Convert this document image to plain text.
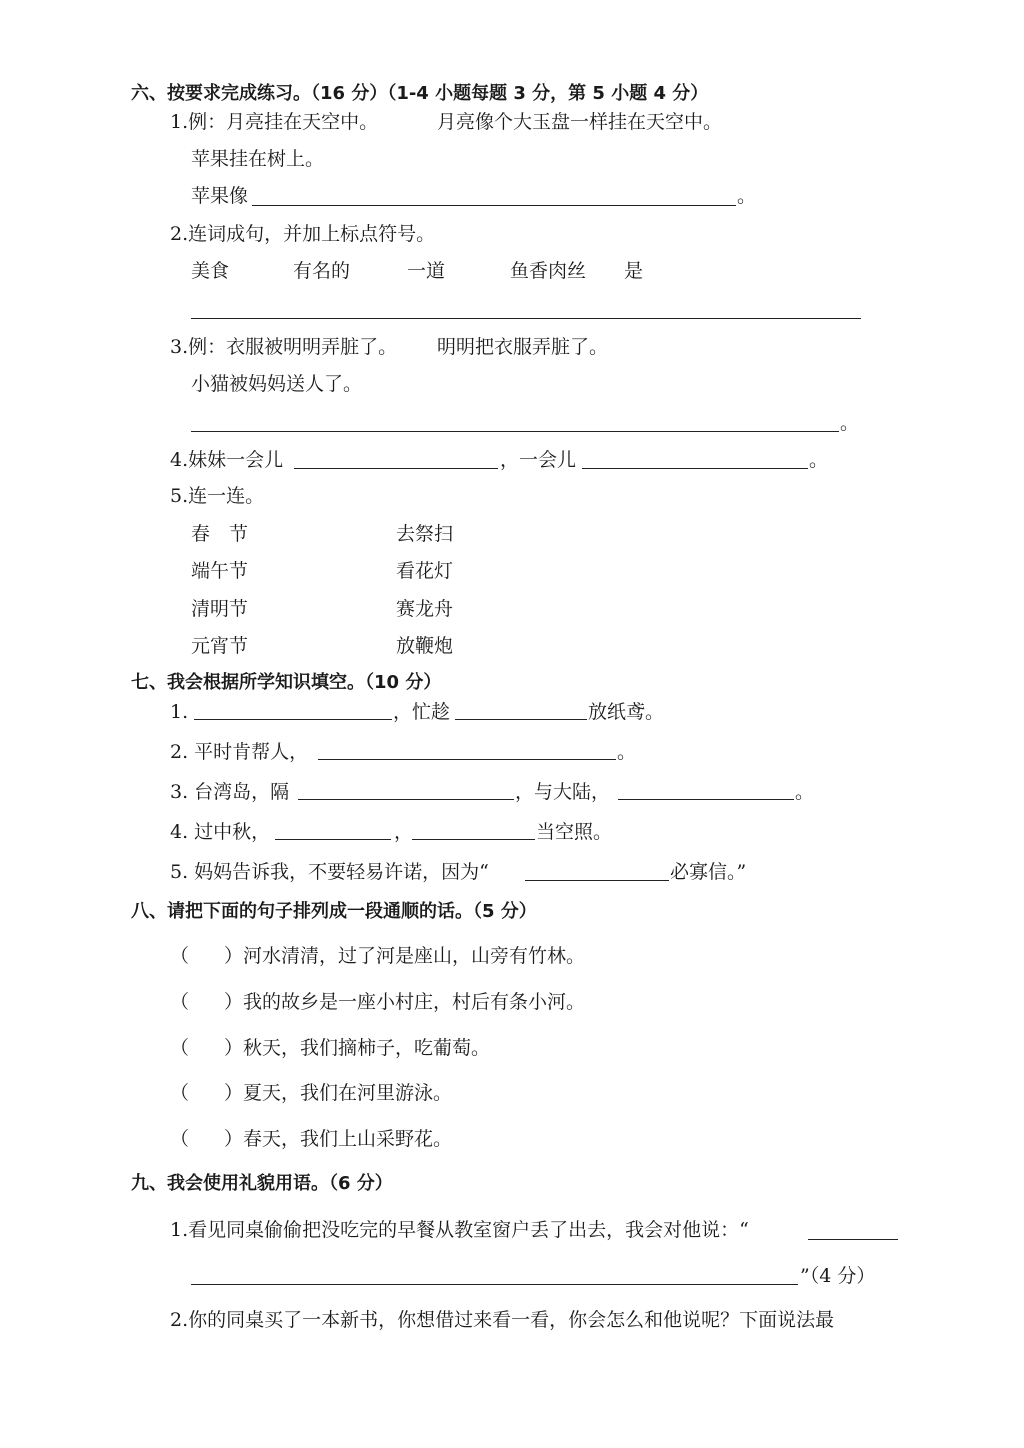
六、按要求完成练习。（16 分）（1-4 小题每题 3 分，第 5 小题 4 分）
1.例：月亮挂在天空中。	月亮像个大玉盘一样挂在天空中。
苹果挂在树上。
苹果像	。
2.连词成句，并加上标点符号。
美食	有名的	一道	鱼香肉丝 是
3.例：衣服被明明弄脏了。 明明把衣服弄脏了。
小猫被妈妈送人了。
。
4.妹妹一会儿	，一会儿	。
5.连一连。
春　节	去祭扫
端午节	看花灯
清明节	赛龙舟
元宵节	放鞭炮
七、我会根据所学知识填空。（10 分）
1.	，忙趁	放纸鸢。
2. 平时肯帮人，	。
3. 台湾岛，隔	，与大陆，	。
4. 过中秋，	，	当空照。
5. 妈妈告诉我，不要轻易许诺，因为“	必寡信。”
八、请把下面的句子排列成一段通顺的话。（5 分）
（ ） 河水清清，过了河是座山，山旁有竹林。
（ ） 我的故乡是一座小村庄，村后有条小河。
（ ） 秋天，我们摘柿子，吃葡萄。
（ ） 夏天，我们在河里游泳。
（ ） 春天，我们上山采野花。
九、我会使用礼貌用语。（6 分）
1.看见同桌偷偷把没吃完的早餐从教室窗户丢了出去，我会对他说：“
”（4 分）
2.你的同桌买了一本新书，你想借过来看一看，你会怎么和他说呢？下面说法最
